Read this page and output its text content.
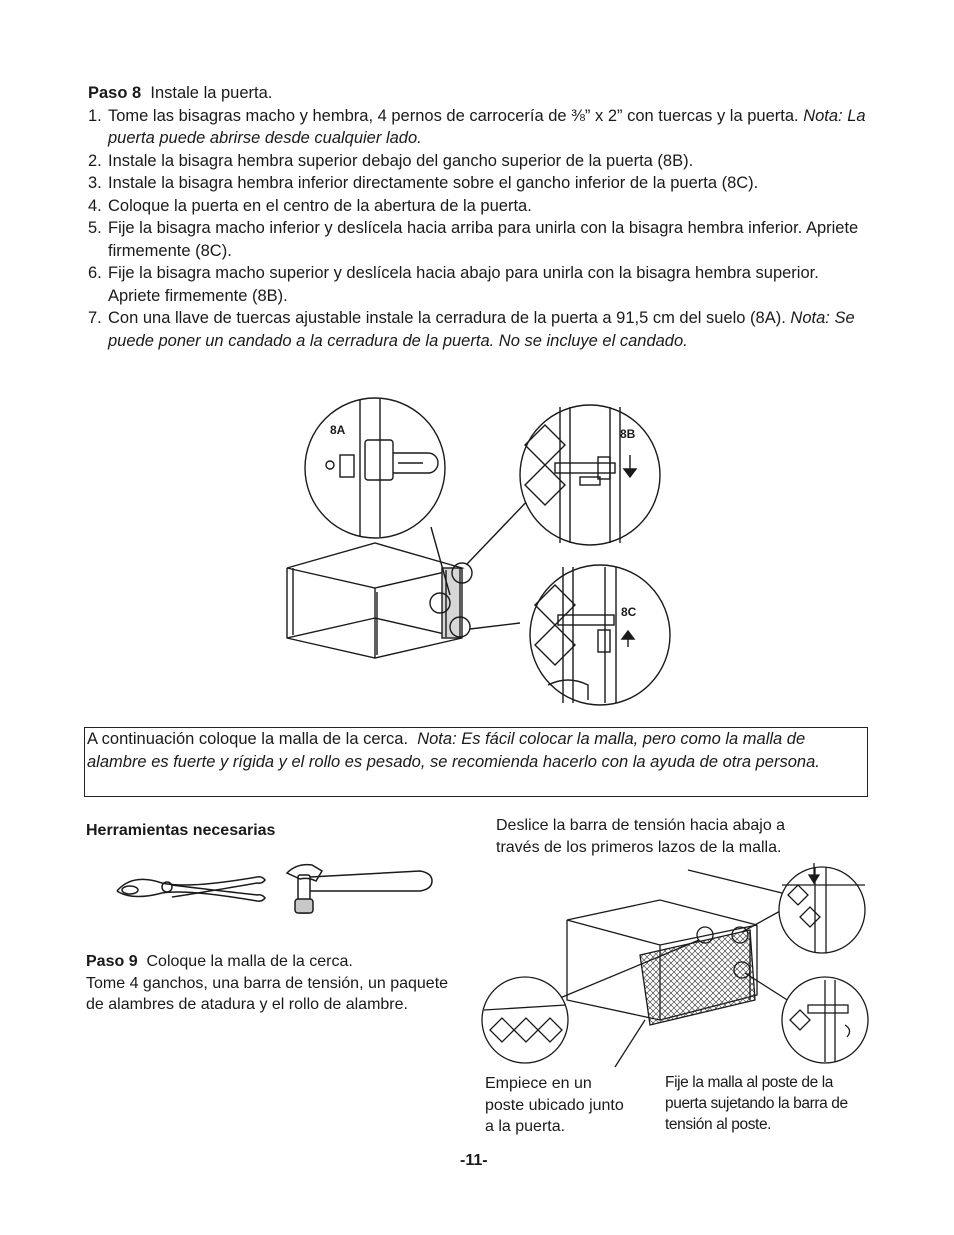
Paso 8 Instale la puerta.
1. Tome las bisagras macho y hembra, 4 pernos de carrocería de ⅜” x 2” con tuercas y la puerta. Nota: La puerta puede abrirse desde cualquier lado.
2. Instale la bisagra hembra superior debajo del gancho superior de la puerta (8B).
3. Instale la bisagra hembra inferior directamente sobre el gancho inferior de la puerta (8C).
4. Coloque la puerta en el centro de la abertura de la puerta.
5. Fije la bisagra macho inferior y deslícela hacia arriba para unirla con la bisagra hembra inferior. Apriete firmemente (8C).
6. Fije la bisagra macho superior y deslícela hacia abajo para unirla con la bisagra hembra superior. Apriete firmemente (8B).
7. Con una llave de tuercas ajustable instale la cerradura de la puerta a 91,5 cm del suelo (8A). Nota: Se puede poner un candado a la cerradura de la puerta. No se incluye el candado.
8A	8B
8C
A continuación coloque la malla de la cerca. Nota: Es fácil colocar la malla, pero como la malla de alambre es fuerte y rígida y el rollo es pesado, se recomienda hacerlo con la ayuda de otra persona.
Herramientas necesarias
Paso 9 Coloque la malla de la cerca.
Tome 4 ganchos, una barra de tensión, un paquete de alambres de atadura y el rollo de alambre.
Deslice la barra de tensión hacia abajo a través de los primeros lazos de la malla.
Empiece en un poste ubicado junto a la puerta.
Fije la malla al poste de la puerta sujetando la barra de tensión al poste.
-11-
